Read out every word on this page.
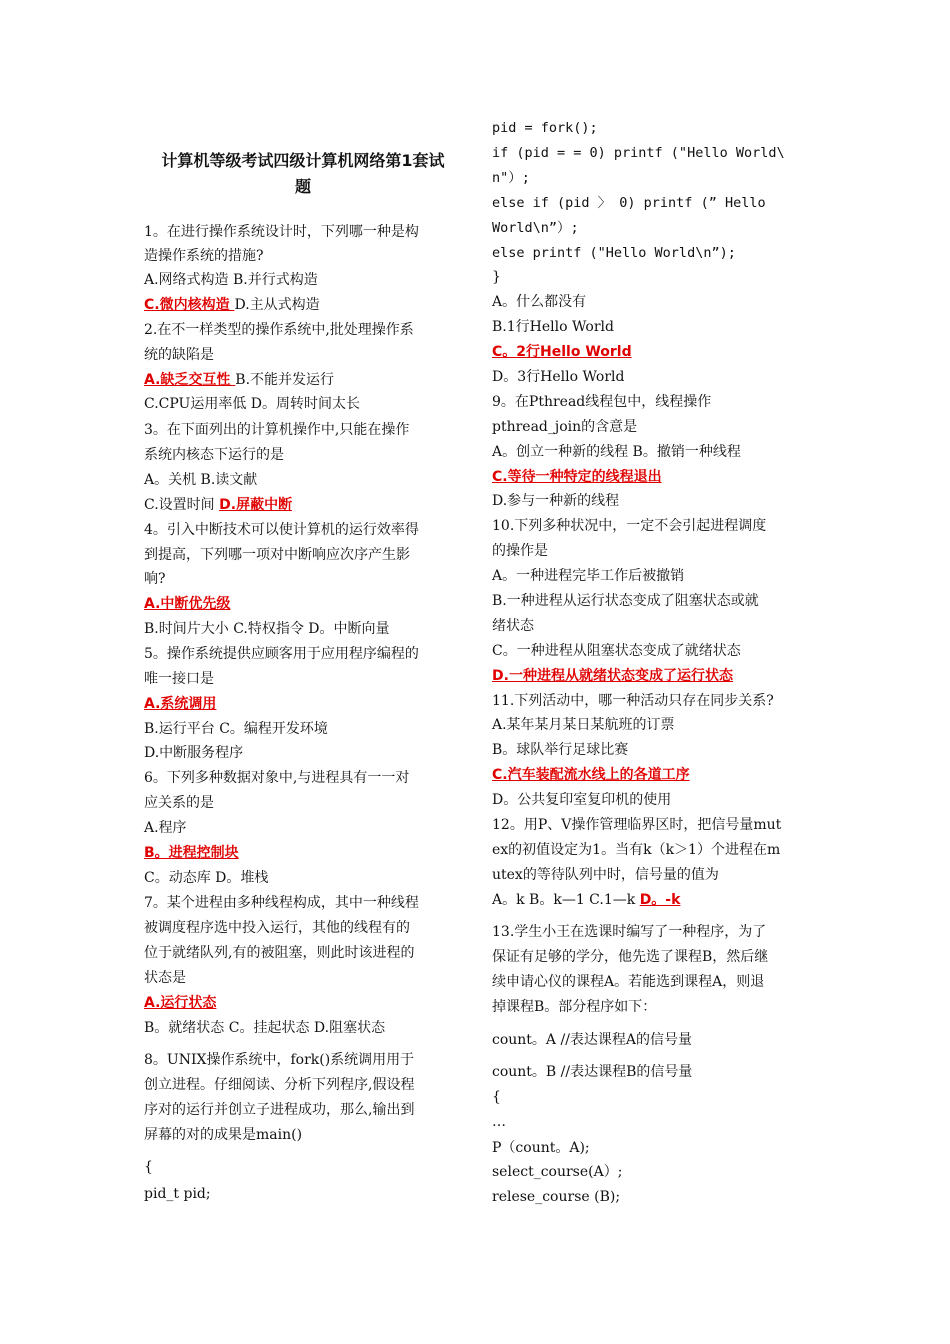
计算机等级考试四级计算机网络第1套试
题
1。在进行操作系统设计时，下列哪一种是构
造操作系统的措施?
A.网络式构造 B.并行式构造
C.微内核构造 D.主从式构造
2.在不一样类型的操作系统中,批处理操作系
统的缺陷是
A.缺乏交互性 B.不能并发运行
C.CPU运用率低 D。周转时间太长
3。在下面列出的计算机操作中,只能在操作
系统内核态下运行的是
A。关机 B.读文献
C.设置时间 D.屏蔽中断
4。引入中断技术可以使计算机的运行效率得
到提高，下列哪一项对中断响应次序产生影
响?
A.中断优先级
B.时间片大小 C.特权指令 D。中断向量
5。操作系统提供应顾客用于应用程序编程的
唯一接口是
A.系统调用
B.运行平台 C。编程开发环境
D.中断服务程序
6。下列多种数据对象中,与进程具有一一对
应关系的是
A.程序
B。进程控制块
C。动态库 D。堆栈
7。某个进程由多种线程构成，其中一种线程
被调度程序选中投入运行，其他的线程有的
位于就绪队列,有的被阻塞，则此时该进程的
状态是
A.运行状态
B。就绪状态 C。挂起状态 D.阻塞状态
8。UNIX操作系统中，fork()系统调用用于
创立进程。仔细阅读、分析下列程序,假设程
序对的运行并创立子进程成功，那么,输出到
屏幕的对的成果是main()
{
pid_t pid;
pid = fork();
if (pid = = 0) printf ("Hello World\
n"）;
else if (pid 〉 0) printf (” Hello
World\n”）;
else printf ("Hello World\n”);
}
A。什么都没有
B.1行Hello World
C。2行Hello World
D。3行Hello World
9。在Pthread线程包中，线程操作
pthread_join的含意是
A。创立一种新的线程 B。撤销一种线程
C.等待一种特定的线程退出
D.参与一种新的线程
10.下列多种状况中，一定不会引起进程调度
的操作是
A。一种进程完毕工作后被撤销
B.一种进程从运行状态变成了阻塞状态或就
绪状态
C。一种进程从阻塞状态变成了就绪状态
D.一种进程从就绪状态变成了运行状态
11.下列活动中，哪一种活动只存在同步关系?
A.某年某月某日某航班的订票
B。球队举行足球比赛
C.汽车装配流水线上的各道工序
D。公共复印室复印机的使用
12。用P、V操作管理临界区时，把信号量mut
ex的初值设定为1。当有k（k＞1）个进程在m
utex的等待队列中时，信号量的值为
A。k B。k—1 C.1—k D。-k
13.学生小王在选课时编写了一种程序，为了
保证有足够的学分，他先选了课程B，然后继
续申请心仪的课程A。若能选到课程A，则退
掉课程B。部分程序如下：
count。A //表达课程A的信号量
count。B //表达课程B的信号量
{
…
P（count。A);
select_course(A）;
relese_course (B);
